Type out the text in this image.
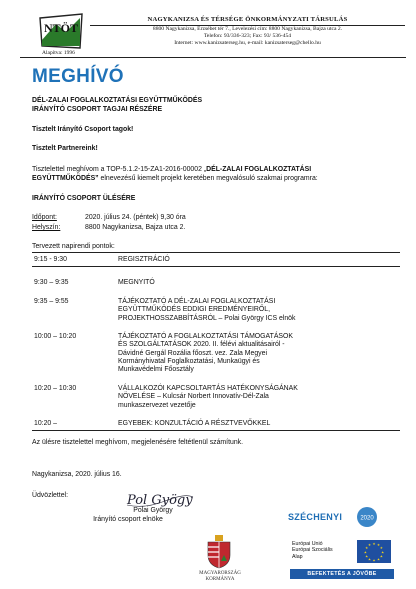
NTÖT
Alapítva: 1996
NAGYKANIZSA ÉS TÉRSÉGE ÖNKORMÁNYZATI TÁRSULÁS
8800 Nagykanizsa, Erzsébet tér 7., Levelezési cím: 8800 Nagykanizsa, Bajza utca 2.
Telefon: 93/336-323; Fax: 93/ 536-454
Internet: www.kanizsaterseg.hu, e-mail: kanizsaterseg@chello.hu
MEGHÍVÓ
DÉL-ZALAI FOGLALKOZTATÁSI EGYÜTTMŰKÖDÉS
IRÁNYÍTÓ CSOPORT TAGJAI RÉSZÉRE
Tisztelt Irányító Csoport tagok!
Tisztelt Partnereink!
Tisztelettel meghívom a TOP-5.1.2-15-ZA1-2016-00002 „DÉL-ZALAI FOGLALKOZTATÁSI
EGYÜTTMŰKÖDÉS” elnevezésű kiemelt projekt keretében megvalósuló szakmai programra:
IRÁNYÍTÓ CSOPORT ÜLÉSÉRE
Időpont:	2020. július 24. (péntek) 9,30 óra
Helyszín:	8800 Nagykanizsa, Bajza utca 2.
Tervezett napirendi pontok:
9:15 - 9:30	REGISZTRÁCIÓ
9:30 – 9:35	MEGNYITÓ
9:35 – 9:55	TÁJÉKOZTATÓ A DÉL-ZALAI FOGLALKOZTATÁSI
EGYÜTTMŰKÖDÉS EDDIGI EREDMÉNYEIRŐL,
PROJEKTHOSSZABBÍTÁSRÓL – Polai György ICS elnök
10:00 – 10:20	TÁJÉKOZTATÓ A FOGLALKOZTATÁSI TÁMOGATÁSOK
ÉS SZOLGÁLTATÁSOK 2020. II. félévi aktualitásairól -
Dávidné Gergál Rozália főoszt. vez. Zala Megyei
Kormányhivatal Foglalkoztatási, Munkaügyi és
Munkavédelmi Főosztály
10:20 – 10:30	VÁLLALKOZÓI KAPCSOLTARTÁS HATÉKONYSÁGÁNAK
NÖVELÉSE – Kulcsár Norbert Innovatív-Dél-Zala
munkaszervezet vezetője
10:20 –	EGYEBEK: KONZULTÁCIÓ A RÉSZTVEVŐKKEL
Az ülésre tisztelettel meghívom, megjelenésére feltétlenül számítunk.
Nagykanizsa, 2020. július 16.
Üdvözlettel:	Pol Gyögy
Polai György
Irányító csoport elnöke
MAGYARORSZÁG
KORMÁNYA
SZÉCHENYI	2020
Európai Unió
Európai Szociális
Alap
★ ★
★
★
★
★
★
★
★
★
★
★
BEFEKTETÉS A JÖVŐBE
